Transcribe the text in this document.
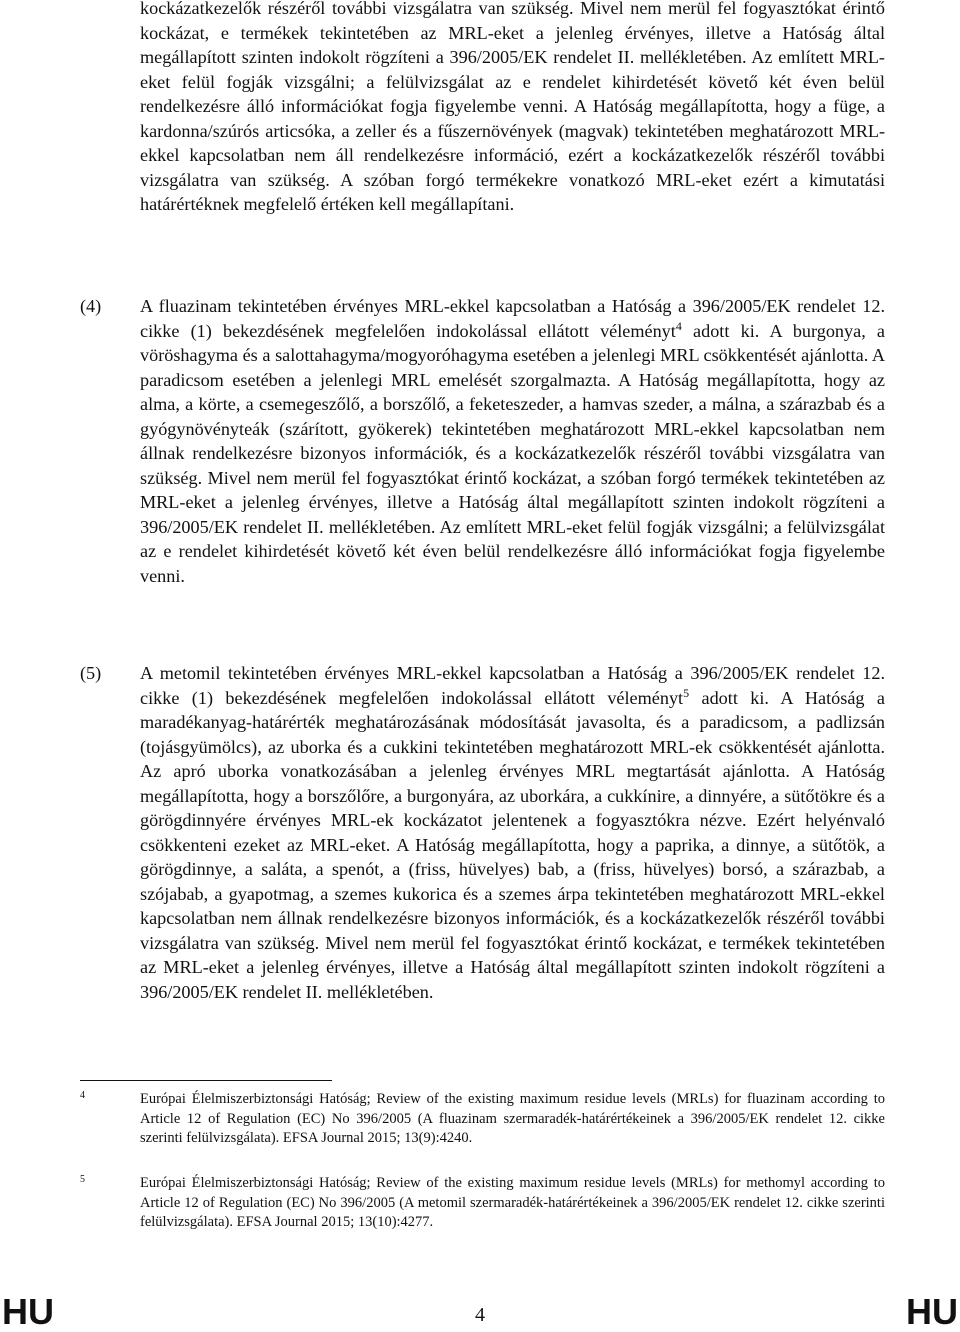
kockázatkezelők részéről további vizsgálatra van szükség. Mivel nem merül fel fogyasztókat érintő kockázat, e termékek tekintetében az MRL-eket a jelenleg érvényes, illetve a Hatóság által megállapított szinten indokolt rögzíteni a 396/2005/EK rendelet II. mellékletében. Az említett MRL-eket felül fogják vizsgálni; a felülvizsgálat az e rendelet kihirdetését követő két éven belül rendelkezésre álló információkat fogja figyelembe venni. A Hatóság megállapította, hogy a füge, a kardonna/szúrós articsóka, a zeller és a fűszernövények (magvak) tekintetében meghatározott MRL-ekkel kapcsolatban nem áll rendelkezésre információ, ezért a kockázatkezelők részéről további vizsgálatra van szükség. A szóban forgó termékekre vonatkozó MRL-eket ezért a kimutatási határértéknek megfelelő értéken kell megállapítani.
(4)	A fluazinam tekintetében érvényes MRL-ekkel kapcsolatban a Hatóság a 396/2005/EK rendelet 12. cikke (1) bekezdésének megfelelően indokolással ellátott véleményt$^4$ adott ki. A burgonya, a vöröshagyma és a salottahagyma/mogyoróhagyma esetében a jelenlegi MRL csökkentését ajánlotta. A paradicsom esetében a jelenlegi MRL emelését szorgalmazta. A Hatóság megállapította, hogy az alma, a körte, a csemegeszőlő, a borszőlő, a feketeszeder, a hamvas szeder, a málna, a szárazbab és a gyógynövényteák (szárított, gyökerek) tekintetében meghatározott MRL-ekkel kapcsolatban nem állnak rendelkezésre bizonyos információk, és a kockázatkezelők részéről további vizsgálatra van szükség. Mivel nem merül fel fogyasztókat érintő kockázat, a szóban forgó termékek tekintetében az MRL-eket a jelenleg érvényes, illetve a Hatóság által megállapított szinten indokolt rögzíteni a 396/2005/EK rendelet II. mellékletében. Az említett MRL-eket felül fogják vizsgálni; a felülvizsgálat az e rendelet kihirdetését követő két éven belül rendelkezésre álló információkat fogja figyelembe venni.
(5)	A metomil tekintetében érvényes MRL-ekkel kapcsolatban a Hatóság a 396/2005/EK rendelet 12. cikke (1) bekezdésének megfelelően indokolással ellátott véleményt$^5$ adott ki. A Hatóság a maradékanyag-határérték meghatározásának módosítását javasolta, és a paradicsom, a padlizsán (tojásgyümölcs), az uborka és a cukkini tekintetében meghatározott MRL-ek csökkentését ajánlotta. Az apró uborka vonatkozásában a jelenleg érvényes MRL megtartását ajánlotta. A Hatóság megállapította, hogy a borszőlőre, a burgonyára, az uborkára, a cukkínire, a dinnyére, a sütőtökre és a görögdinnyére érvényes MRL-ek kockázatot jelentenek a fogyasztókra nézve. Ezért helyénvaló csökkenteni ezeket az MRL-eket. A Hatóság megállapította, hogy a paprika, a dinnye, a sütőtök, a görögdinnye, a saláta, a spenót, a (friss, hüvelyes) bab, a (friss, hüvelyes) borsó, a szárazbab, a szójabab, a gyapotmag, a szemes kukorica és a szemes árpa tekintetében meghatározott MRL-ekkel kapcsolatban nem állnak rendelkezésre bizonyos információk, és a kockázatkezelők részéről további vizsgálatra van szükség. Mivel nem merül fel fogyasztókat érintő kockázat, e termékek tekintetében az MRL-eket a jelenleg érvényes, illetve a Hatóság által megállapított szinten indokolt rögzíteni a 396/2005/EK rendelet II. mellékletében.
4	Európai Élelmiszerbiztonsági Hatóság; Review of the existing maximum residue levels (MRLs) for fluazinam according to Article 12 of Regulation (EC) No 396/2005 (A fluazinam szermaradék-határértékeinek a 396/2005/EK rendelet 12. cikke szerinti felülvizsgálata). EFSA Journal 2015; 13(9):4240.
5	Európai Élelmiszerbiztonsági Hatóság; Review of the existing maximum residue levels (MRLs) for methomyl according to Article 12 of Regulation (EC) No 396/2005 (A metomil szermaradék-határértékeinek a 396/2005/EK rendelet 12. cikke szerinti felülvizsgálata). EFSA Journal 2015; 13(10):4277.
HU	4	HU
